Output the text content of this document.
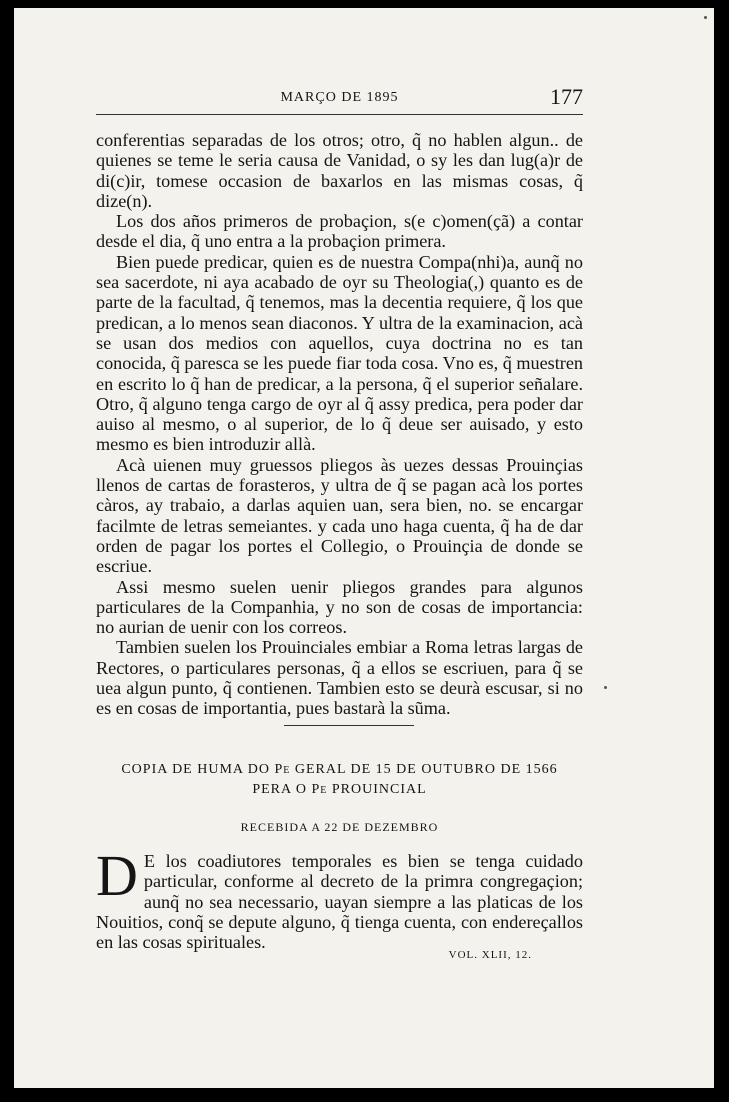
MARÇO DE 1895	177

conferentias separadas de los otros; otro, q̃ no hablen algun.. de quienes se teme le seria causa de Vanidad, o sy les dan lug(a)r de di(c)ir, tomese occasion de baxarlos en las mismas cosas, q̃ dize(n).

Los dos años primeros de probaçion, s(e c)omen(ҫã) a contar desde el dia, q̃ uno entra a la probaçion primera.

Bien puede predicar, quien es de nuestra Compa(nhi)a, aunq̃ no sea sacerdote, ni aya acabado de oyr su Theologia(,) quanto es de parte de la facultad, q̃ tenemos, mas la decentia requiere, q̃ los que predican, a lo menos sean diaconos. Y ultra de la examinacion, acà se usan dos medios con aquellos, cuya doctrina no es tan conocida, q̃ paresca se les puede fiar toda cosa. Vno es, q̃ muestren en escrito lo q̃ han de predicar, a la persona, q̃ el superior señalare. Otro, q̃ alguno tenga cargo de oyr al q̃ assy predica, pera poder dar auiso al mesmo, o al superior, de lo q̃ deue ser auisado, y esto mesmo es bien introduzir allà.

Acà uienen muy gruessos pliegos às uezes dessas Prouinҫias llenos de cartas de forasteros, y ultra de q̃ se pagan acà los portes càros, ay trabaio, a darlas aquien uan, sera bien, no. se encargar facilmte de letras semeiantes. y cada uno haga cuenta, q̃ ha de dar orden de pagar los portes el Collegio, o Prouinҫia de donde se escriue.

Assi mesmo suelen uenir pliegos grandes para algunos particulares de la Companhia, y no son de cosas de importancia: no aurian de uenir con los correos.

Tambien suelen los Prouinciales embiar a Roma letras largas de Rectores, o particulares personas, q̃ a ellos se escriuen, para q̃ se uea algun punto, q̃ contienen. Tambien esto se deurà escusar, si no es en cosas de importantia, pues bastarà la sũma.

COPIA DE HUMA DO Pe GERAL DE 15 DE OUTUBRO DE 1566
PERA O Pe PROUINCIAL
RECEBIDA A 22 DE DEZEMBRO
D E los coadiutores temporales es bien se tenga cuidado particular, conforme al decreto de la primra congregaҫion; aunq̃ no sea necessario, uayan siempre a las platicas de los Nouitios, conq̃ se depute alguno, q̃ tienga cuenta, con endereҫallos en las cosas spirituales.
VOL. XLII, 12.
